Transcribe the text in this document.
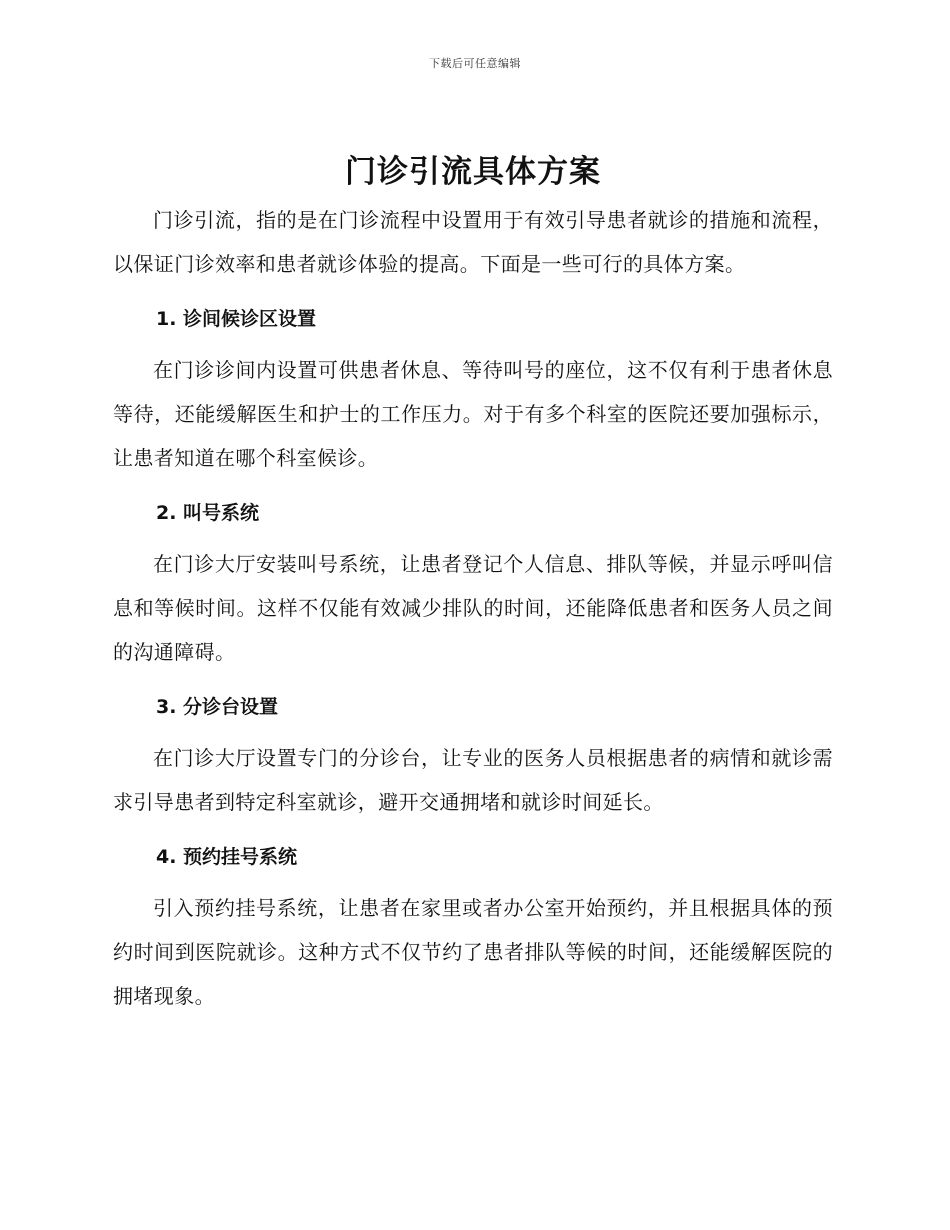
下载后可任意编辑
门诊引流具体方案

门诊引流，指的是在门诊流程中设置用于有效引导患者就诊的措施和流程，以保证门诊效率和患者就诊体验的提高。下面是一些可行的具体方案。

1. 诊间候诊区设置

在门诊诊间内设置可供患者休息、等待叫号的座位，这不仅有利于患者休息等待，还能缓解医生和护士的工作压力。对于有多个科室的医院还要加强标示，让患者知道在哪个科室候诊。

2. 叫号系统

在门诊大厅安装叫号系统，让患者登记个人信息、排队等候，并显示呼叫信息和等候时间。这样不仅能有效减少排队的时间，还能降低患者和医务人员之间的沟通障碍。

3. 分诊台设置

在门诊大厅设置专门的分诊台，让专业的医务人员根据患者的病情和就诊需求引导患者到特定科室就诊，避开交通拥堵和就诊时间延长。

4. 预约挂号系统

引入预约挂号系统，让患者在家里或者办公室开始预约，并且根据具体的预约时间到医院就诊。这种方式不仅节约了患者排队等候的时间，还能缓解医院的拥堵现象。
